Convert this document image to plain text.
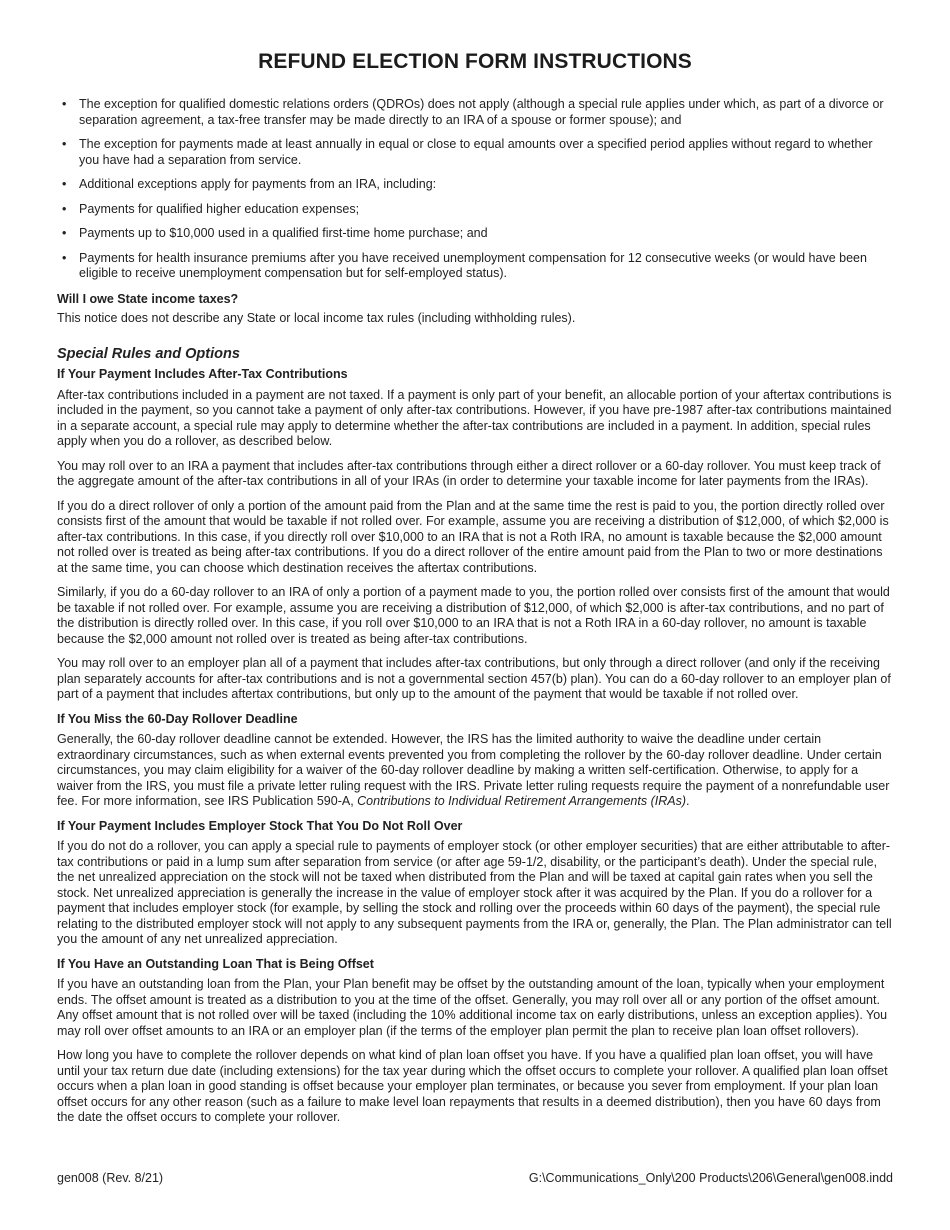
REFUND ELECTION FORM INSTRUCTIONS
• The exception for qualified domestic relations orders (QDROs) does not apply (although a special rule applies under which, as part of a divorce or separation agreement, a tax-free transfer may be made directly to an IRA of a spouse or former spouse); and
• The exception for payments made at least annually in equal or close to equal amounts over a specified period applies without regard to whether you have had a separation from service.
• Additional exceptions apply for payments from an IRA, including:
• Payments for qualified higher education expenses;
• Payments up to $10,000 used in a qualified first-time home purchase; and
• Payments for health insurance premiums after you have received unemployment compensation for 12 consecutive weeks (or would have been eligible to receive unemployment compensation but for self-employed status).
Will I owe State income taxes?

This notice does not describe any State or local income tax rules (including withholding rules).

Special Rules and Options
If Your Payment Includes After-Tax Contributions

After-tax contributions included in a payment are not taxed. If a payment is only part of your benefit, an allocable portion of your aftertax contributions is included in the payment, so you cannot take a payment of only after-tax contributions. However, if you have pre-1987 after-tax contributions maintained in a separate account, a special rule may apply to determine whether the after-tax contributions are included in a payment. In addition, special rules apply when you do a rollover, as described below.

You may roll over to an IRA a payment that includes after-tax contributions through either a direct rollover or a 60-day rollover. You must keep track of the aggregate amount of the after-tax contributions in all of your IRAs (in order to determine your taxable income for later payments from the IRAs).

If you do a direct rollover of only a portion of the amount paid from the Plan and at the same time the rest is paid to you, the portion directly rolled over consists first of the amount that would be taxable if not rolled over. For example, assume you are receiving a distribution of $12,000, of which $2,000 is after-tax contributions. In this case, if you directly roll over $10,000 to an IRA that is not a Roth IRA, no amount is taxable because the $2,000 amount not rolled over is treated as being after-tax contributions. If you do a direct rollover of the entire amount paid from the Plan to two or more destinations at the same time, you can choose which destination receives the aftertax contributions.

Similarly, if you do a 60-day rollover to an IRA of only a portion of a payment made to you, the portion rolled over consists first of the amount that would be taxable if not rolled over. For example, assume you are receiving a distribution of $12,000, of which $2,000 is after-tax contributions, and no part of the distribution is directly rolled over. In this case, if you roll over $10,000 to an IRA that is not a Roth IRA in a 60-day rollover, no amount is taxable because the $2,000 amount not rolled over is treated as being after-tax contributions.

You may roll over to an employer plan all of a payment that includes after-tax contributions, but only through a direct rollover (and only if the receiving plan separately accounts for after-tax contributions and is not a governmental section 457(b) plan). You can do a 60-day rollover to an employer plan of part of a payment that includes aftertax contributions, but only up to the amount of the payment that would be taxable if not rolled over.

If You Miss the 60-Day Rollover Deadline

Generally, the 60-day rollover deadline cannot be extended. However, the IRS has the limited authority to waive the deadline under certain extraordinary circumstances, such as when external events prevented you from completing the rollover by the 60-day rollover deadline. Under certain circumstances, you may claim eligibility for a waiver of the 60-day rollover deadline by making a written self-certification. Otherwise, to apply for a waiver from the IRS, you must file a private letter ruling request with the IRS. Private letter ruling requests require the payment of a nonrefundable user fee. For more information, see IRS Publication 590-A, Contributions to Individual Retirement Arrangements (IRAs).

If Your Payment Includes Employer Stock That You Do Not Roll Over

If you do not do a rollover, you can apply a special rule to payments of employer stock (or other employer securities) that are either attributable to after-tax contributions or paid in a lump sum after separation from service (or after age 59-1/2, disability, or the participant’s death). Under the special rule, the net unrealized appreciation on the stock will not be taxed when distributed from the Plan and will be taxed at capital gain rates when you sell the stock. Net unrealized appreciation is generally the increase in the value of employer stock after it was acquired by the Plan. If you do a rollover for a payment that includes employer stock (for example, by selling the stock and rolling over the proceeds within 60 days of the payment), the special rule relating to the distributed employer stock will not apply to any subsequent payments from the IRA or, generally, the Plan. The Plan administrator can tell you the amount of any net unrealized appreciation.

If You Have an Outstanding Loan That is Being Offset

If you have an outstanding loan from the Plan, your Plan benefit may be offset by the outstanding amount of the loan, typically when your employment ends. The offset amount is treated as a distribution to you at the time of the offset. Generally, you may roll over all or any portion of the offset amount. Any offset amount that is not rolled over will be taxed (including the 10% additional income tax on early distributions, unless an exception applies). You may roll over offset amounts to an IRA or an employer plan (if the terms of the employer plan permit the plan to receive plan loan offset rollovers).

How long you have to complete the rollover depends on what kind of plan loan offset you have. If you have a qualified plan loan offset, you will have until your tax return due date (including extensions) for the tax year during which the offset occurs to complete your rollover. A qualified plan loan offset occurs when a plan loan in good standing is offset because your employer plan terminates, or because you sever from employment. If your plan loan offset occurs for any other reason (such as a failure to make level loan repayments that results in a deemed distribution), then you have 60 days from the date the offset occurs to complete your rollover.

gen008 (Rev. 8/21)	G:\Communications_Only\200 Products\206\General\gen008.indd
